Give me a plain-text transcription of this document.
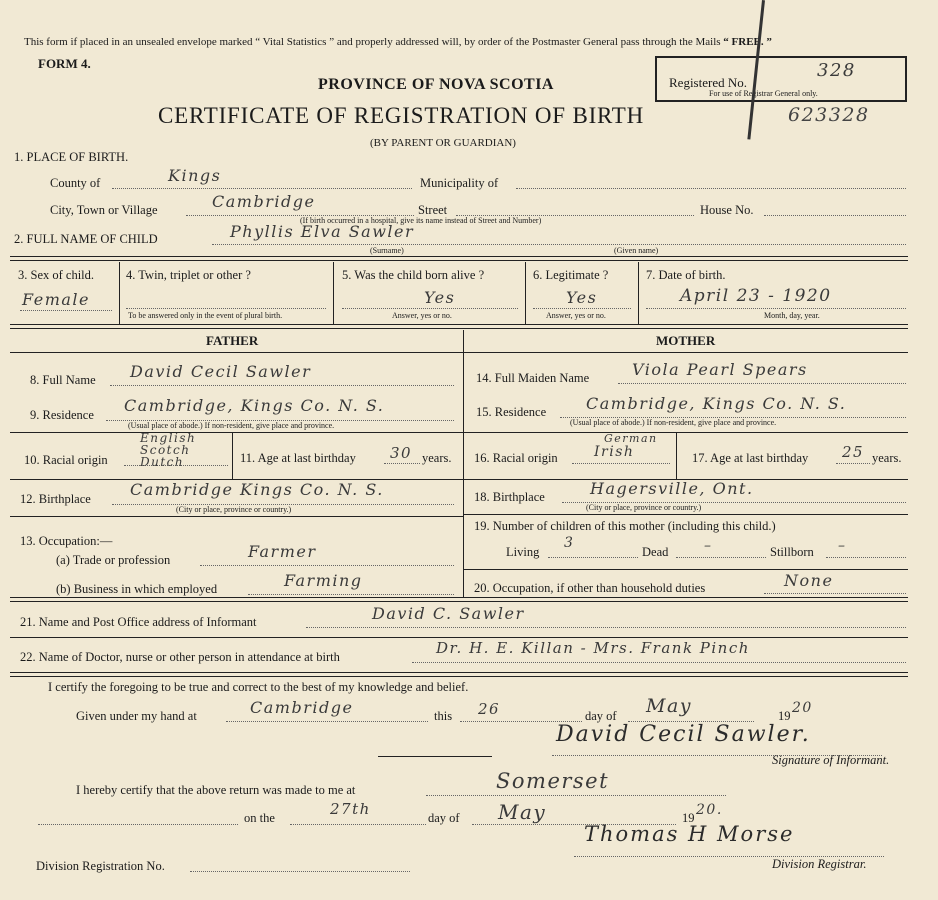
This form if placed in an unsealed envelope marked “ Vital Statistics ” and properly addressed will, by order of the Postmaster General pass through the Mails “ FREE. ”
FORM 4.
PROVINCE OF NOVA SCOTIA
CERTIFICATE OF REGISTRATION OF BIRTH
(BY PARENT OR GUARDIAN)
Registered No.
328
For use of Registrar General only.
623328
1. PLACE OF BIRTH.
County of	Kings	Municipality of
City, Town or Village	Cambridge	Street	House No.
(If birth occurred in a hospital, give its name instead of Street and Number)
2. FULL NAME OF CHILD	Phyllis Elva Sawler
(Surname)	(Given name)
3. Sex of child.
Female
4. Twin, triplet or other ?
To be answered only in the event of plural birth.
5. Was the child born alive ?
Yes
Answer, yes or no.
6. Legitimate ?
Yes
Answer, yes or no.
7. Date of birth.
April 23 - 1920
Month, day, year.
FATHER
8. Full Name David Cecil Sawler
9. Residence Cambridge, Kings Co. N. S.
(Usual place of abode.) If non-resident, give place and province.
10. Racial origin
English Scotch Dutch	11. Age at last birthday 30 years.
12. Birthplace Cambridge Kings Co. N. S.
(City or place, province or country.)
13. Occupation:—
(a) Trade or profession	Farmer
(b) Business in which employed	Farming
MOTHER
14. Full Maiden Name	Viola Pearl Spears
15. Residence Cambridge, Kings Co. N. S.
(Usual place of abode.) If non-resident, give place and province.
16. Racial origin
German
Irish	17. Age at last birthday 25 years.
18. Birthplace	Hagersville, Ont.
(City or place, province or country.)
19. Number of children of this mother (including this child.)
Living
3
Dead	–	Stillborn –
20. Occupation, if other than household duties	None
21. Name and Post Office address of Informant	David C. Sawler
22. Name of Doctor, nurse or other person in attendance at birth	Dr. H. E. Killan - Mrs. Frank Pinch
I certify the foregoing to be true and correct to the best of my knowledge and belief.
Given under my hand at	Cambridge	this 26	day of May	19 20
David Cecil Sawler.
Signature of Informant.
I hereby certify that the above return was made to me at	Somerset
on the	27th	day of May	19 20.
Thomas H Morse
Division Registrar.
Division Registration No.
